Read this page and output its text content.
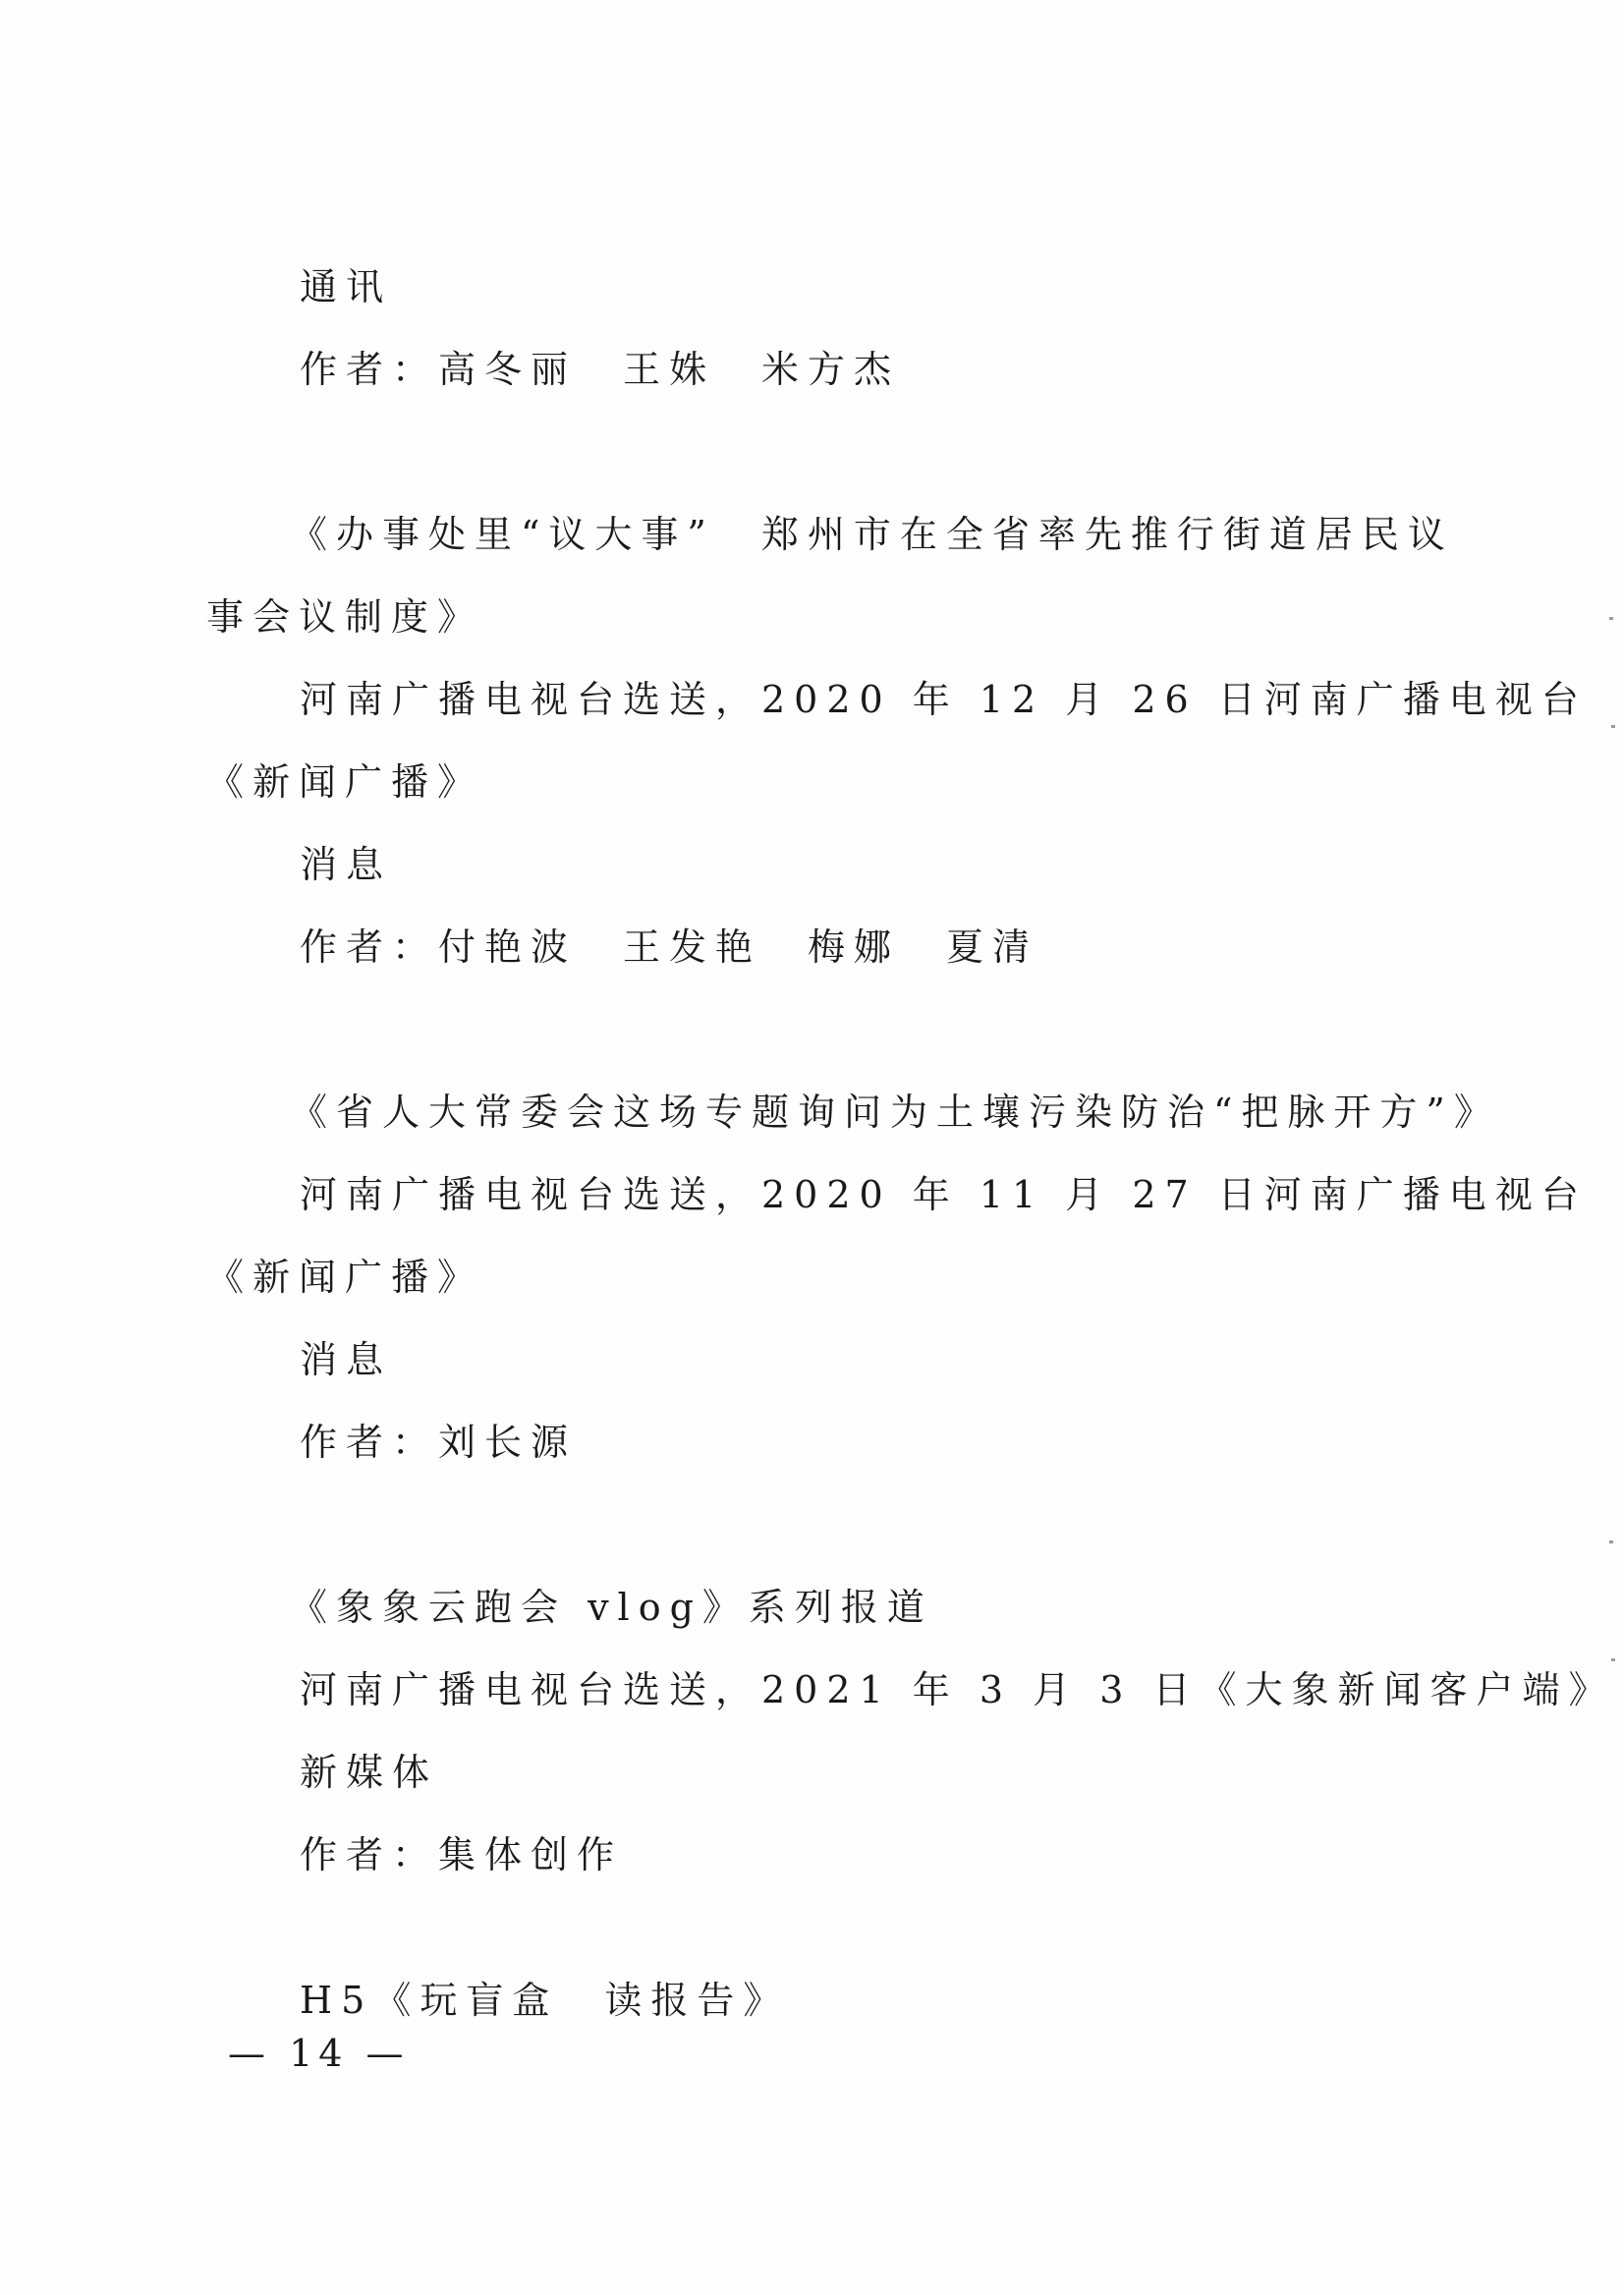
通讯
作者：高冬丽　王姝　米方杰
《办事处里“议大事”　郑州市在全省率先推行街道居民议
事会议制度》
河南广播电视台选送，2020 年 12 月 26 日河南广播电视台
《新闻广播》
消息
作者：付艳波　王发艳　梅娜　夏清
《省人大常委会这场专题询问为土壤污染防治“把脉开方”》
河南广播电视台选送，2020 年 11 月 27 日河南广播电视台
《新闻广播》
消息
作者：刘长源
《象象云跑会 vlog》系列报道
河南广播电视台选送，2021 年 3 月 3 日《大象新闻客户端》
新媒体
作者：集体创作
H5《玩盲盒　读报告》
— 14 —
